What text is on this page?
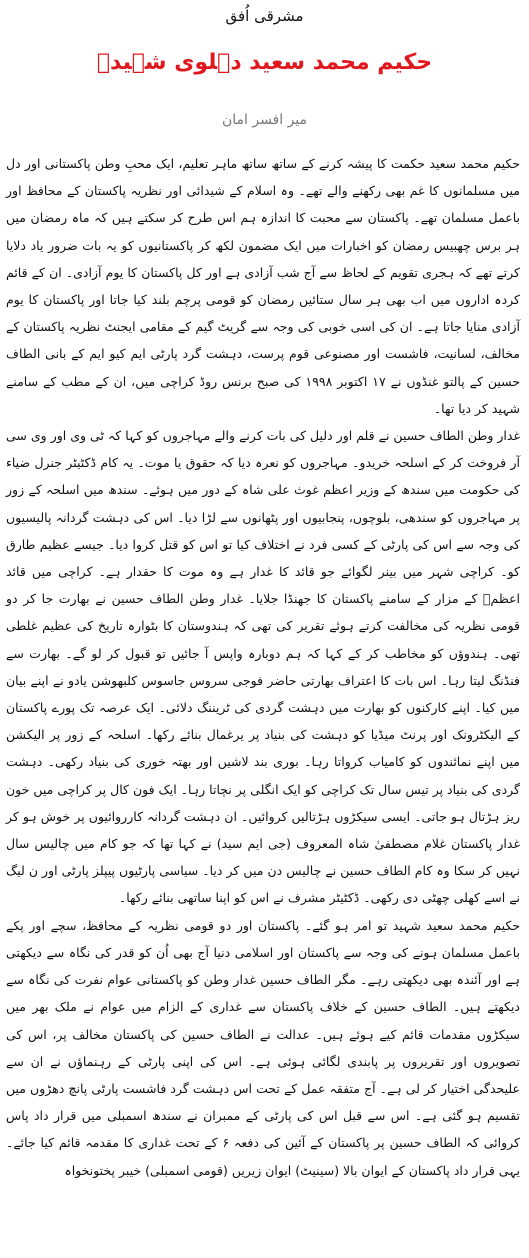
مشرقی اُفق
حکیم محمد سعید دہلوی شہیدؒ
میر افسر امان

حکیم محمد سعید حکمت کا پیشہ کرنے کے ساتھ ساتھ ماہر تعلیم، ایک محبِ وطن پاکستانی اور دل میں مسلمانوں کا غم بھی رکھنے والے تھے۔ وہ اسلام کے شیدائی اور نظریہ پاکستان کے محافظ اور باعمل مسلمان تھے۔ پاکستان سے محبت کا اندازہ ہم اس طرح کر سکتے ہیں کہ ماہ رمضان میں ہر برس چھبیس رمضان کو اخبارات میں ایک مضمون لکھ کر پاکستانیوں کو یہ بات ضرور یاد دلایا کرتے تھے کہ ہجری تقویم کے لحاظ سے آج شب آزادی ہے اور کل پاکستان کا یوم آزادی۔ ان کے قائم کردہ اداروں میں اب بھی ہر سال ستائیں رمضان کو قومی پرچم بلند کیا جاتا اور پاکستان کا یوم آزادی منایا جاتا ہے۔ ان کی اسی خوبی کی وجہ سے گریٹ گیم کے مقامی ایجنٹ نظریہ پاکستان کے مخالف، لسانیت، فاشست اور مصنوعی قوم پرست، دہشت گرد پارٹی ایم کیو ایم کے بانی الطاف حسین کے پالتو غنڈوں نے ۱۷ اکتوبر ۱۹۹۸ کی صبح برنس روڈ کراچی میں، ان کے مطب کے سامنے شہید کر دیا تھا۔

غدار وطن الطاف حسین نے قلم اور دلیل کی بات کرنے والے مہاجروں کو کہا کہ ٹی وی اور وی سی آر فروخت کر کے اسلحہ خریدو۔ مہاجروں کو نعرہ دیا کہ حقوق یا موت۔ یہ کام ڈکٹیٹر جنرل ضیاء کی حکومت میں سندھ کے وزیر اعظم غوث علی شاہ کے دور میں ہوئے۔ سندھ میں اسلحہ کے زور پر مہاجروں کو سندھی، بلوچوں، پنجابیوں اور پٹھانوں سے لڑا دیا۔ اس کی دہشت گردانہ پالیسیوں کی وجہ سے اس کی پارٹی کے کسی فرد نے اختلاف کیا تو اس کو قتل کروا دیا۔ جیسے عظیم طارق کو۔ کراچی شہر میں بینر لگوائے جو قائد کا غدار ہے وہ موت کا حقدار ہے۔ کراچی میں قائد اعظمؒ کے مزار کے سامنے پاکستان کا جھنڈا جلایا۔ غدار وطن الطاف حسین نے بھارت جا کر دو قومی نظریہ کی مخالفت کرتے ہوئے تقریر کی تھی کہ ہندوستان کا بٹوارہ تاریخ کی عظیم غلطی تھی۔ ہندوؤں کو مخاطب کر کے کہا کہ ہم دوبارہ واپس آ جائیں تو قبول کر لو گے۔ بھارت سے فنڈنگ لیتا رہا۔ اس بات کا اعتراف بھارتی حاضر فوجی سروس جاسوس کلبھوشن یادو نے اپنے بیان میں کیا۔ اپنے کارکنوں کو بھارت میں دہشت گردی کی ٹریننگ دلائی۔ ایک عرصہ تک پورے پاکستان کے الیکٹرونک اور پرنٹ میڈیا کو دہشت کی بنیاد پر یرغمال بنائے رکھا۔ اسلحہ کے زور پر الیکشن میں اپنے نمائندوں کو کامیاب کرواتا رہا۔ بوری بند لاشیں اور بھتہ خوری کی بنیاد رکھی۔ دہشت گردی کی بنیاد پر تیس سال تک کراچی کو ایک انگلی پر نچاتا رہا۔ ایک فون کال پر کراچی میں خون ریز ہڑتال ہو جاتی۔ ایسی سیکڑوں ہڑتالیں کروائیں۔ ان دہشت گردانہ کارروائیوں پر خوش ہو کر غدار پاکستان غلام مصطفیٰ شاہ المعروف (جی ایم سید) نے کہا تھا کہ جو کام میں چالیس سال نہیں کر سکا وہ کام الطاف حسین نے چالیس دن میں کر دیا۔ سیاسی پارٹیوں پیپلز پارٹی اور ن لیگ نے اسے کھلی چھٹی دی رکھی۔ ڈکٹیٹر مشرف نے اس کو اپنا ساتھی بنائے رکھا۔

حکیم محمد سعید شہید تو امر ہو گئے۔ پاکستان اور دو قومی نظریہ کے محافظ، سچے اور پکے باعمل مسلمان ہونے کی وجہ سے پاکستان اور اسلامی دنیا آج بھی اُن کو قدر کی نگاہ سے دیکھتی ہے اور آئندہ بھی دیکھتی رہے۔ مگر الطاف حسین غدار وطن کو پاکستانی عوام نفرت کی نگاہ سے دیکھتے ہیں۔ الطاف حسین کے خلاف پاکستان سے غداری کے الزام میں عوام نے ملک بھر میں سیکڑوں مقدمات قائم کیے ہوئے ہیں۔ عدالت نے الطاف حسین کی پاکستان مخالف پر، اس کی تصویروں اور تقریروں پر پابندی لگائی ہوئی ہے۔ اس کی اپنی پارٹی کے رہنماؤں نے ان سے علیحدگی اختیار کر لی ہے۔ آج متفقہ عمل کے تحت اس دہشت گرد فاشست پارٹی پانچ دھڑوں میں تقسیم ہو گئی ہے۔ اس سے قبل اس کی پارٹی کے ممبران نے سندھ اسمبلی میں قرار داد پاس کروائی کہ الطاف حسین پر پاکستان کے آئین کی دفعہ ۶ کے تحت غداری کا مقدمہ قائم کیا جائے۔ یہی قرار داد پاکستان کے ایوان بالا (سینیٹ) ایوان زیریں (قومی اسمبلی) خیبر پختونخواہ
